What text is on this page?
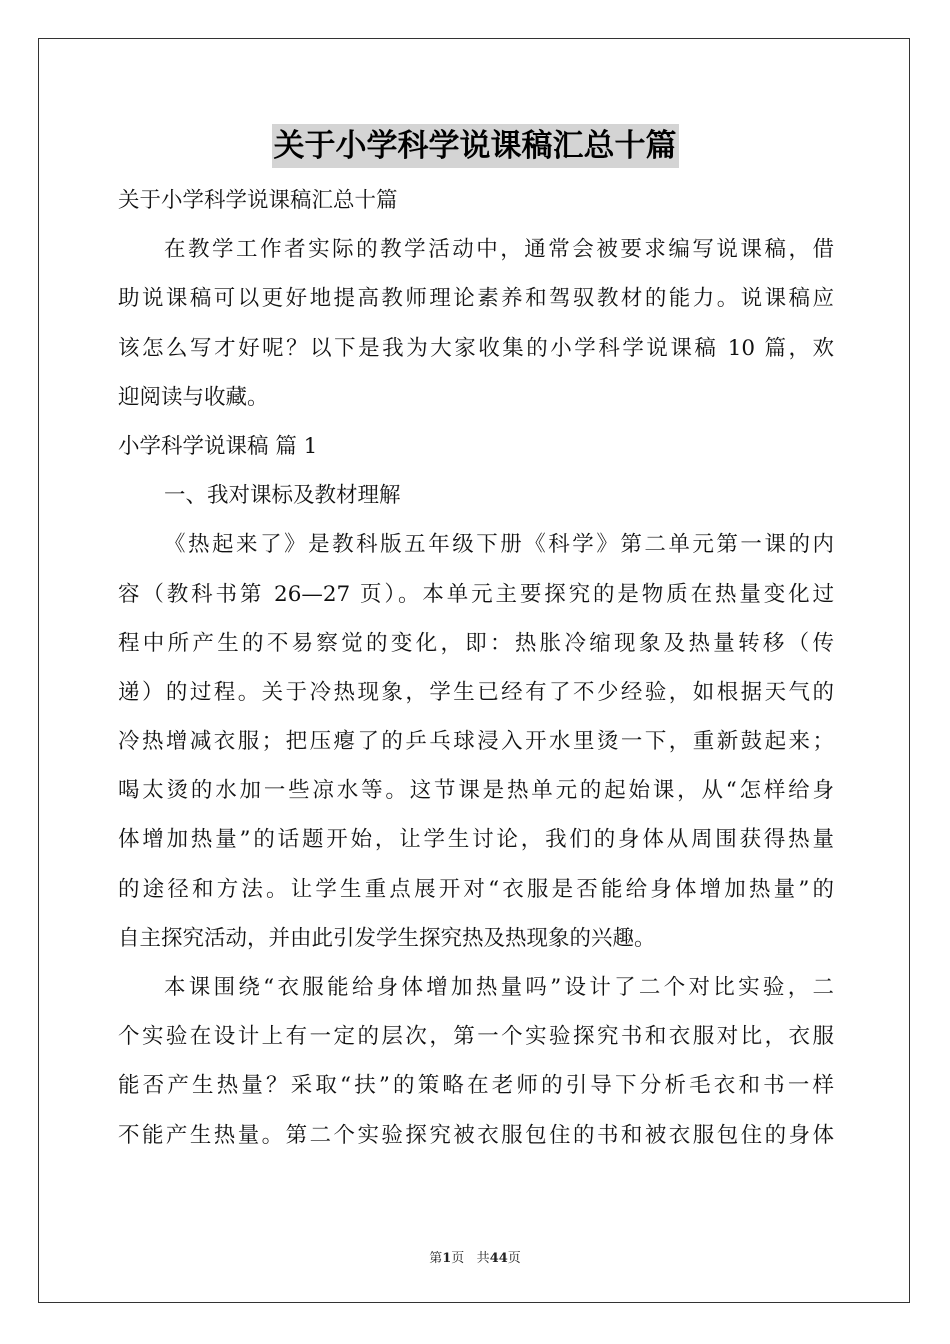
关于小学科学说课稿汇总十篇
关于小学科学说课稿汇总十篇
在教学工作者实际的教学活动中，通常会被要求编写说课稿，借
助说课稿可以更好地提高教师理论素养和驾驭教材的能力。说课稿应
该怎么写才好呢？以下是我为大家收集的小学科学说课稿 10 篇，欢
迎阅读与收藏。
小学科学说课稿 篇 1
一、我对课标及教材理解
《热起来了》是教科版五年级下册《科学》第二单元第一课的内
容（教科书第 26—27 页）。本单元主要探究的是物质在热量变化过
程中所产生的不易察觉的变化，即：热胀冷缩现象及热量转移（传
递）的过程。关于冷热现象，学生已经有了不少经验，如根据天气的
冷热增减衣服；把压瘪了的乒乓球浸入开水里烫一下，重新鼓起来；
喝太烫的水加一些凉水等。这节课是热单元的起始课，从“怎样给身
体增加热量”的话题开始，让学生讨论，我们的身体从周围获得热量
的途径和方法。让学生重点展开对“衣服是否能给身体增加热量”的
自主探究活动，并由此引发学生探究热及热现象的兴趣。
本课围绕“衣服能给身体增加热量吗”设计了二个对比实验，二
个实验在设计上有一定的层次，第一个实验探究书和衣服对比，衣服
能否产生热量？采取“扶”的策略在老师的引导下分析毛衣和书一样
不能产生热量。第二个实验探究被衣服包住的书和被衣服包住的身体
第1页 共44页
